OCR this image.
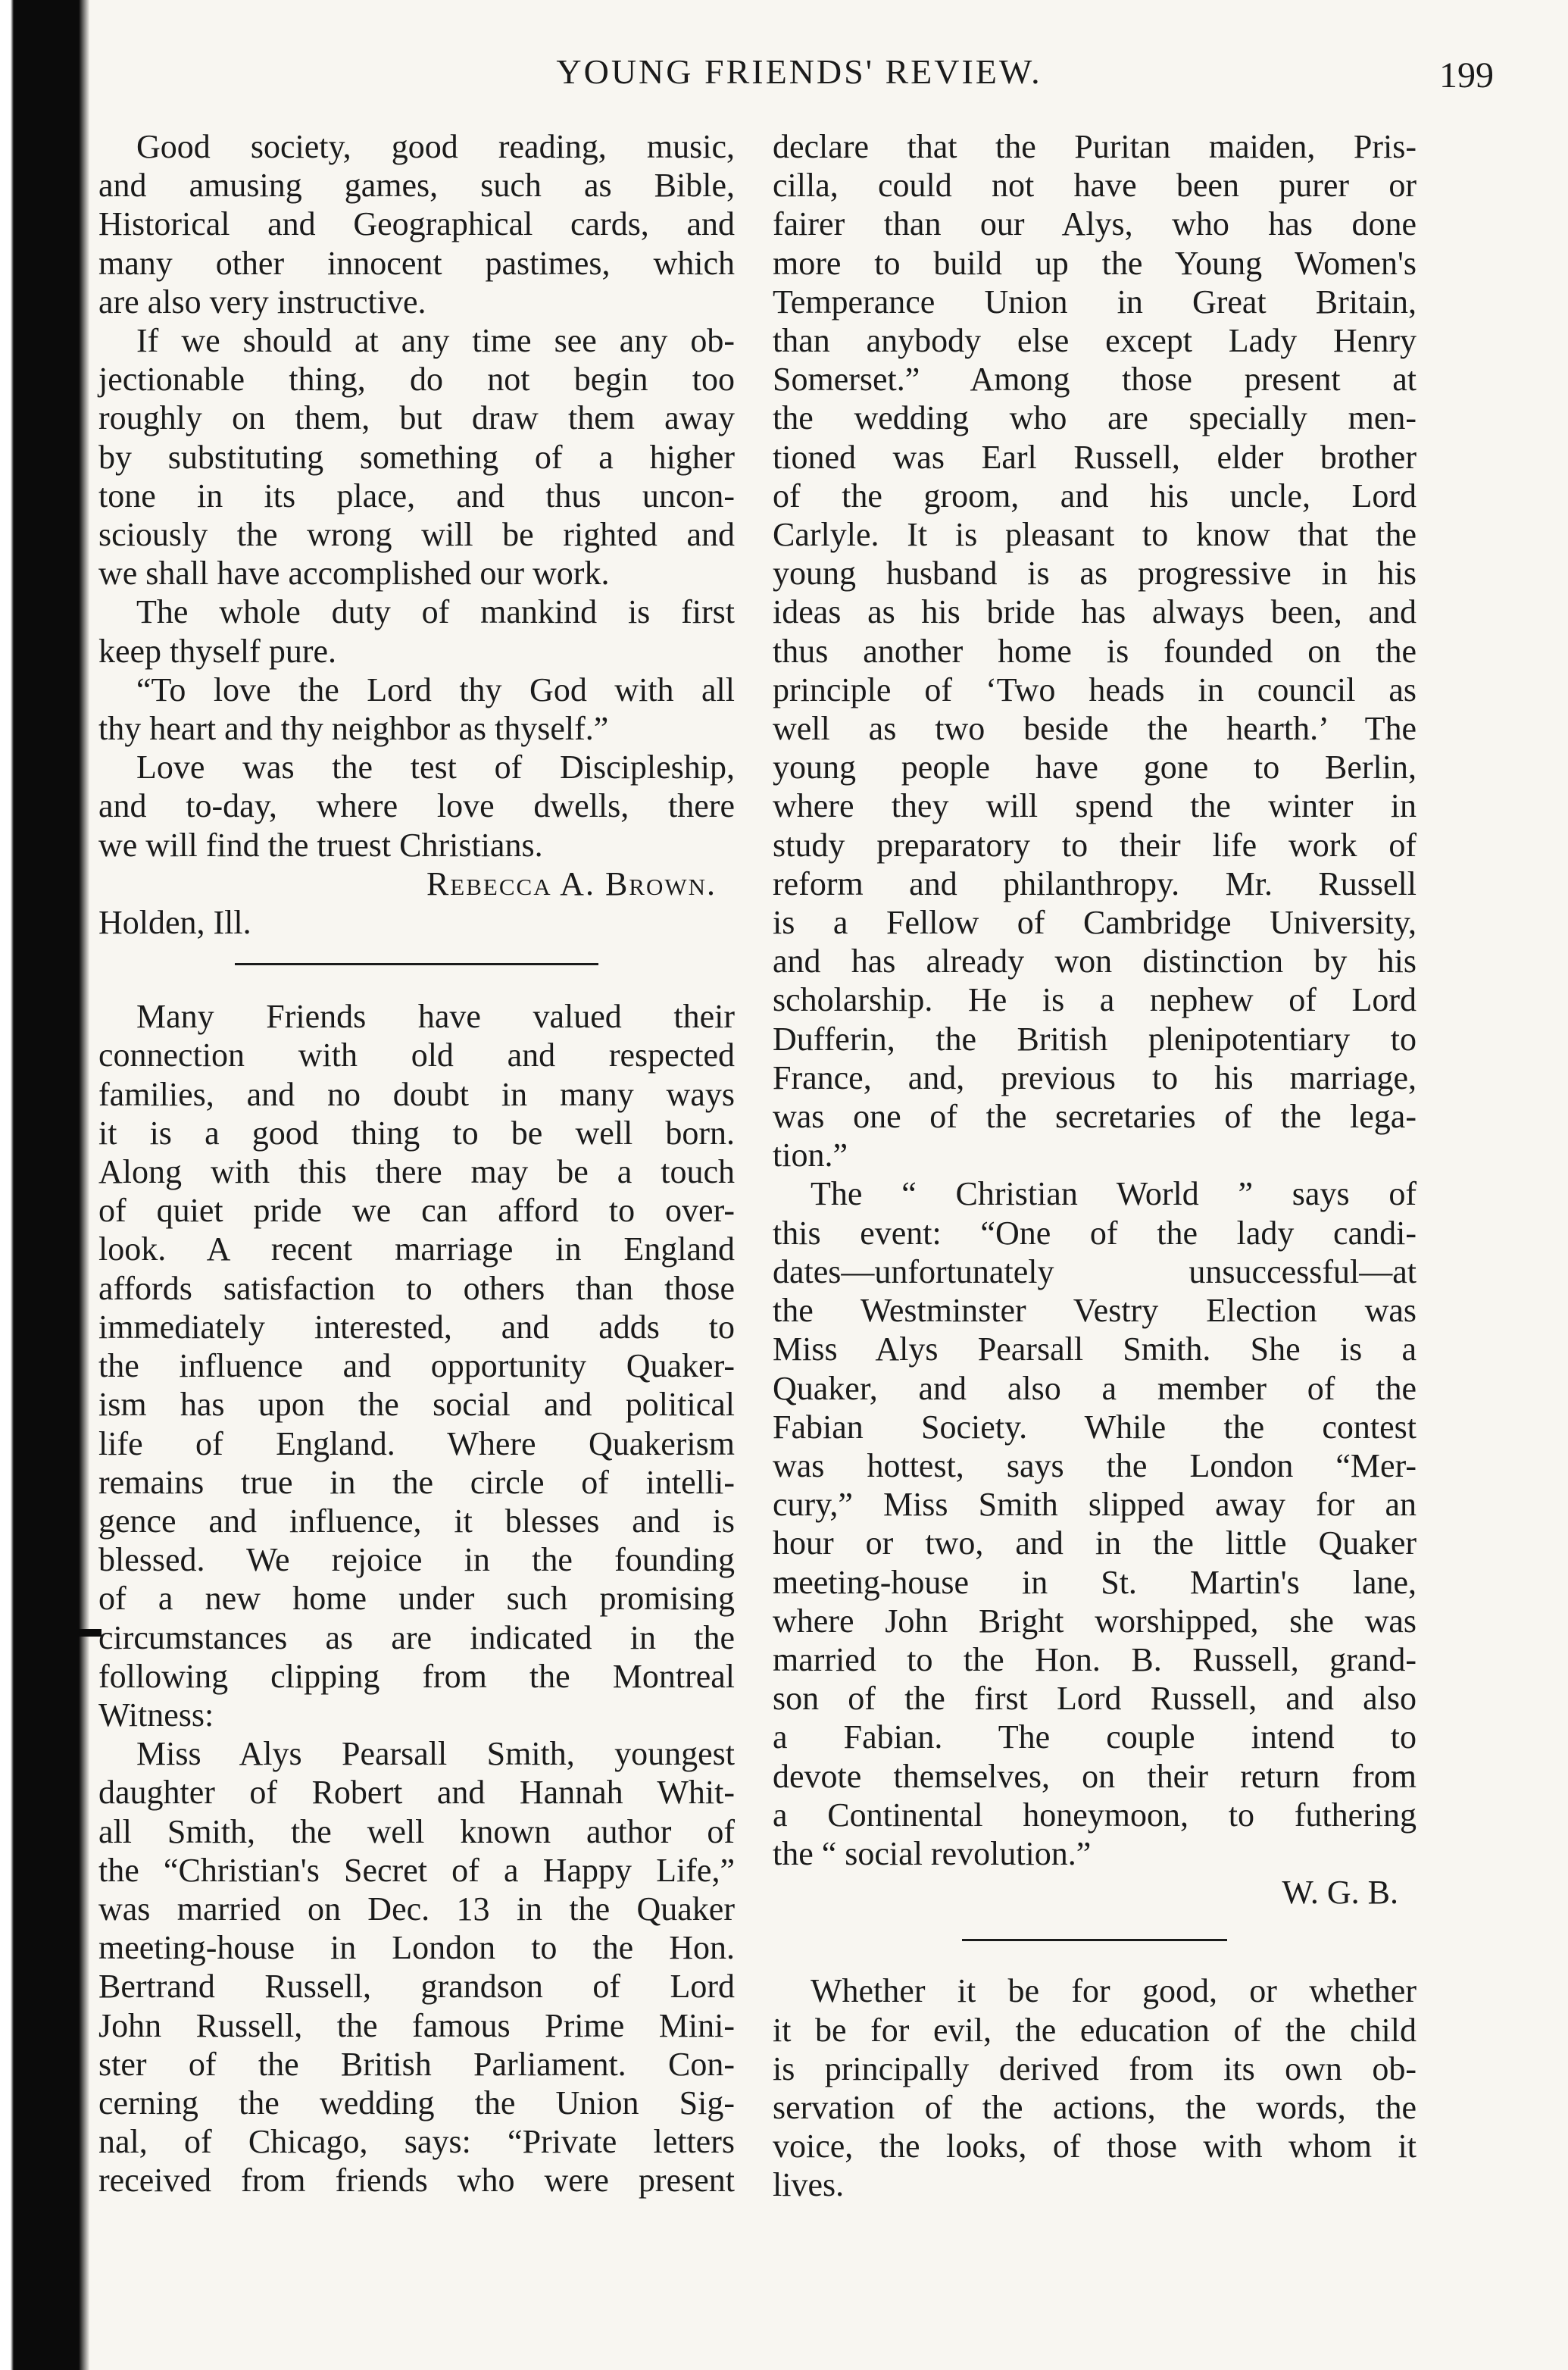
YOUNG FRIENDS' REVIEW.	199
Good society, good reading, music,
and amusing games, such as Bible,
Historical and Geographical cards, and
many other innocent pastimes, which
are also very instructive.
If we should at any time see any ob-
jectionable thing, do not begin too
roughly on them, but draw them away
by substituting something of a higher
tone in its place, and thus uncon-
sciously the wrong will be righted and
we shall have accomplished our work.
The whole duty of mankind is first
keep thyself pure.
“To love the Lord thy God with all
thy heart and thy neighbor as thyself.”
Love was the test of Discipleship,
and to-day, where love dwells, there
we will find the truest Christians.
Rebecca A. Brown.
Holden, Ill.
Many Friends have valued their
connection with old and respected
families, and no doubt in many ways
it is a good thing to be well born.
Along with this there may be a touch
of quiet pride we can afford to over-
look. A recent marriage in England
affords satisfaction to others than those
immediately interested, and adds to
the influence and opportunity Quaker-
ism has upon the social and political
life of England. Where Quakerism
remains true in the circle of intelli-
gence and influence, it blesses and is
blessed. We rejoice in the founding
of a new home under such promising
circumstances as are indicated in the
following clipping from the Montreal
Witness:
Miss Alys Pearsall Smith, youngest
daughter of Robert and Hannah Whit-
all Smith, the well known author of
the “Christian's Secret of a Happy Life,”
was married on Dec. 13 in the Quaker
meeting-house in London to the Hon.
Bertrand Russell, grandson of Lord
John Russell, the famous Prime Mini-
ster of the British Parliament. Con-
cerning the wedding the Union Sig-
nal, of Chicago, says: “Private letters
received from friends who were present
declare that the Puritan maiden, Pris-
cilla, could not have been purer or
fairer than our Alys, who has done
more to build up the Young Women's
Temperance Union in Great Britain,
than anybody else except Lady Henry
Somerset.” Among those present at
the wedding who are specially men-
tioned was Earl Russell, elder brother
of the groom, and his uncle, Lord
Carlyle. It is pleasant to know that the
young husband is as progressive in his
ideas as his bride has always been, and
thus another home is founded on the
principle of ‘Two heads in council as
well as two beside the hearth.’ The
young people have gone to Berlin,
where they will spend the winter in
study preparatory to their life work of
reform and philanthropy. Mr. Russell
is a Fellow of Cambridge University,
and has already won distinction by his
scholarship. He is a nephew of Lord
Dufferin, the British plenipotentiary to
France, and, previous to his marriage,
was one of the secretaries of the lega-
tion.”
The “ Christian World ” says of
this event: “One of the lady candi-
dates—unfortunately unsuccessful—at
the Westminster Vestry Election was
Miss Alys Pearsall Smith. She is a
Quaker, and also a member of the
Fabian Society. While the contest
was hottest, says the London “Mer-
cury,” Miss Smith slipped away for an
hour or two, and in the little Quaker
meeting-house in St. Martin's lane,
where John Bright worshipped, she was
married to the Hon. B. Russell, grand-
son of the first Lord Russell, and also
a Fabian. The couple intend to
devote themselves, on their return from
a Continental honeymoon, to futhering
the “ social revolution.”
W. G. B.
Whether it be for good, or whether
it be for evil, the education of the child
is principally derived from its own ob-
servation of the actions, the words, the
voice, the looks, of those with whom it
lives.
